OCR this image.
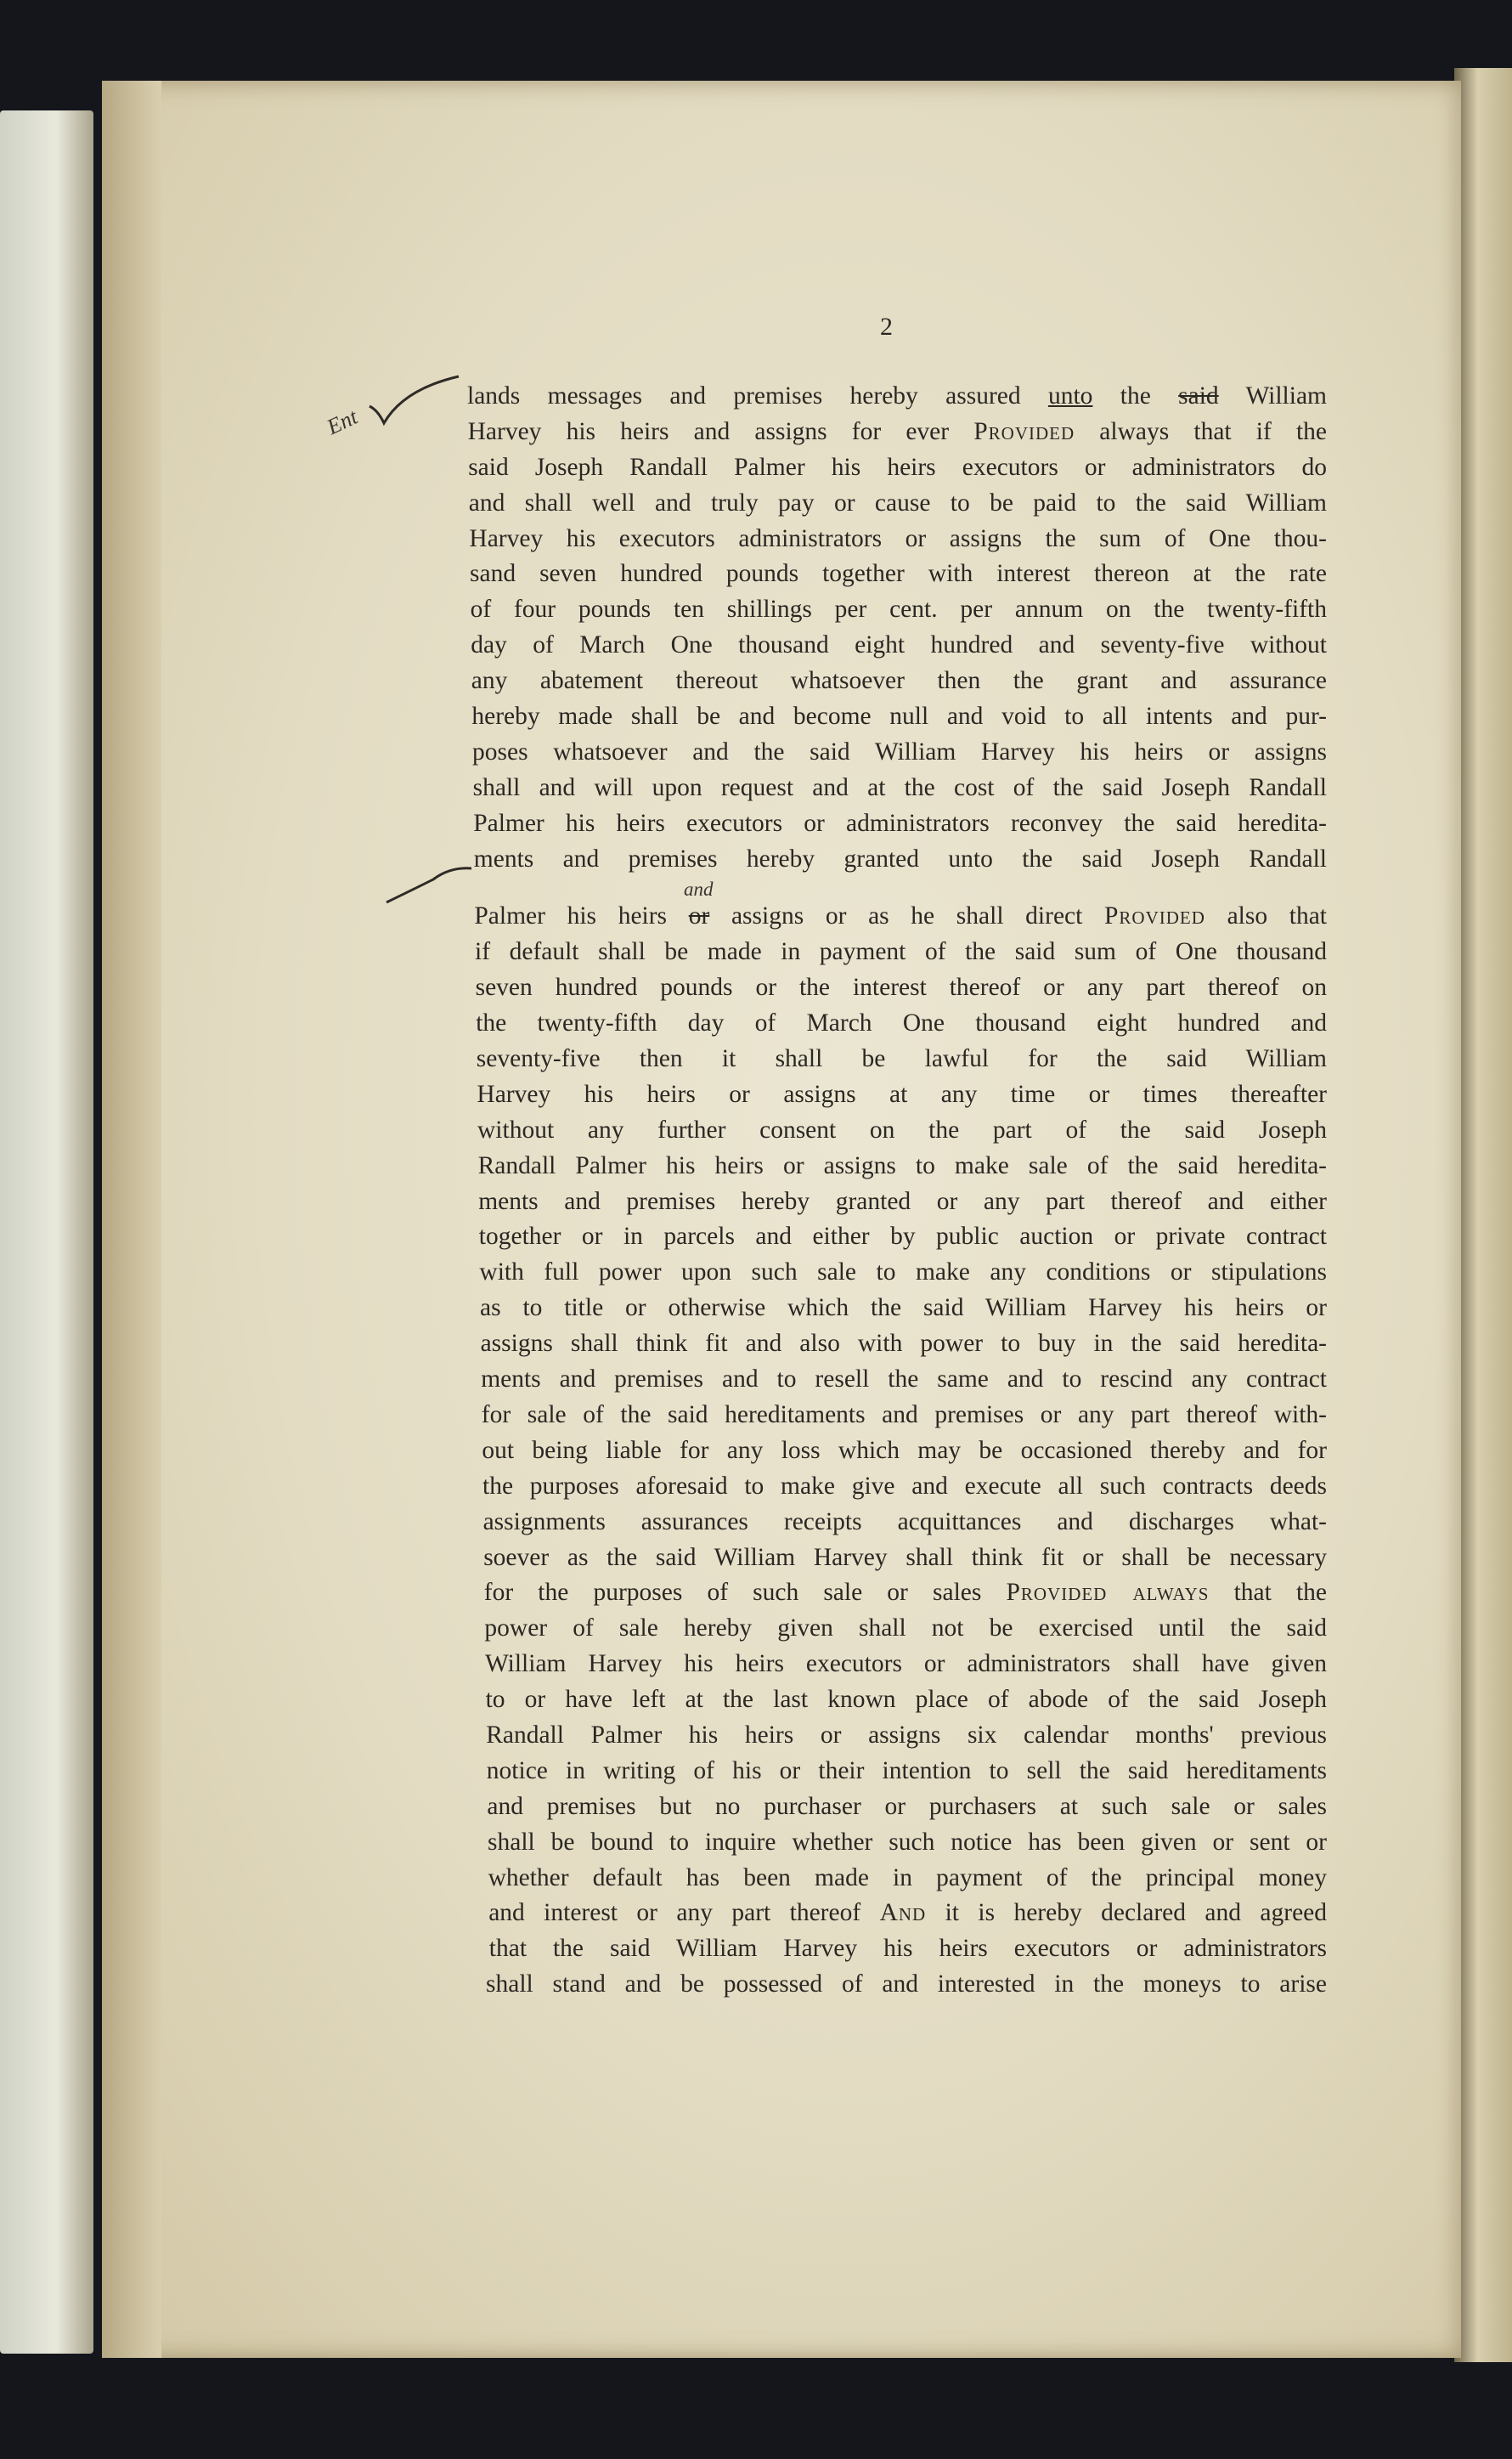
2
Ent
and
lands messages and premises hereby assured unto the said William
Harvey his heirs and assigns for ever Provided always that if the
said Joseph Randall Palmer his heirs executors or administrators do
and shall well and truly pay or cause to be paid to the said William
Harvey his executors administrators or assigns the sum of One thou-
sand seven hundred pounds together with interest thereon at the rate
of four pounds ten shillings per cent. per annum on the twenty-fifth
day of March One thousand eight hundred and seventy-five without
any abatement thereout whatsoever then the grant and assurance
hereby made shall be and become null and void to all intents and pur-
poses whatsoever and the said William Harvey his heirs or assigns
shall and will upon request and at the cost of the said Joseph Randall
Palmer his heirs executors or administrators reconvey the said heredita-
ments and premises hereby granted unto the said Joseph Randall
Palmer his heirs or assigns or as he shall direct Provided also that
if default shall be made in payment of the said sum of One thousand
seven hundred pounds or the interest thereof or any part thereof on
the twenty-fifth day of March One thousand eight hundred and
seventy-five then it shall be lawful for the said William
Harvey his heirs or assigns at any time or times thereafter
without any further consent on the part of the said Joseph
Randall Palmer his heirs or assigns to make sale of the said heredita-
ments and premises hereby granted or any part thereof and either
together or in parcels and either by public auction or private contract
with full power upon such sale to make any conditions or stipulations
as to title or otherwise which the said William Harvey his heirs or
assigns shall think fit and also with power to buy in the said heredita-
ments and premises and to resell the same and to rescind any contract
for sale of the said hereditaments and premises or any part thereof with-
out being liable for any loss which may be occasioned thereby and for
the purposes aforesaid to make give and execute all such contracts deeds
assignments assurances receipts acquittances and discharges what-
soever as the said William Harvey shall think fit or shall be necessary
for the purposes of such sale or sales Provided always that the
power of sale hereby given shall not be exercised until the said
William Harvey his heirs executors or administrators shall have given
to or have left at the last known place of abode of the said Joseph
Randall Palmer his heirs or assigns six calendar months' previous
notice in writing of his or their intention to sell the said hereditaments
and premises but no purchaser or purchasers at such sale or sales
shall be bound to inquire whether such notice has been given or sent or
whether default has been made in payment of the principal money
and interest or any part thereof And it is hereby declared and agreed
that the said William Harvey his heirs executors or administrators
shall stand and be possessed of and interested in the moneys to arise
